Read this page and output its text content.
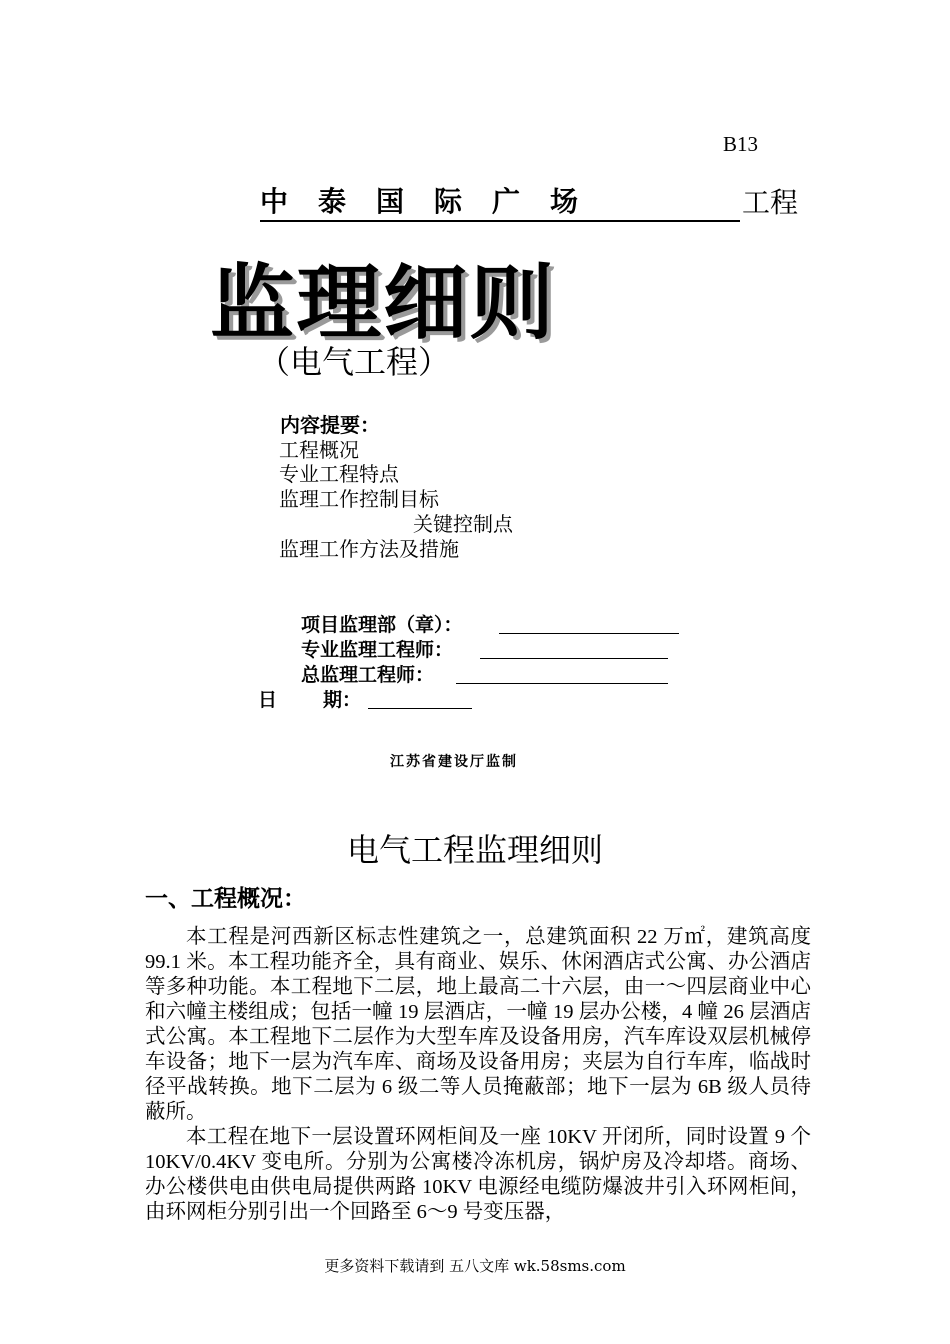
B13
中泰国际广场	工程
监理细则
（电气工程）
内容提要：
工程概况
专业工程特点
监理工作控制目标
关键控制点
监理工作方法及措施
项目监理部（章）：
专业监理工程师：
总监理工程师：
日 期：
江苏省建设厅监制
电气工程监理细则
一、工程概况：
本工程是河西新区标志性建筑之一，总建筑面积 22 万㎡，建筑高度 99.1 米。本工程功能齐全，具有商业、娱乐、休闲酒店式公寓、办公酒店等多种功能。本工程地下二层，地上最高二十六层，由一～四层商业中心和六幢主楼组成；包括一幢 19 层酒店，一幢 19 层办公楼，4 幢 26 层酒店式公寓。本工程地下二层作为大型车库及设备用房，汽车库设双层机械停车设备；地下一层为汽车库、商场及设备用房；夹层为自行车库，临战时径平战转换。地下二层为 6 级二等人员掩蔽部；地下一层为 6B 级人员待蔽所。
本工程在地下一层设置环网柜间及一座 10KV 开闭所，同时设置 9 个 10KV/0.4KV 变电所。分别为公寓楼冷冻机房，锅炉房及冷却塔。商场、办公楼供电由供电局提供两路 10KV 电源经电缆防爆波井引入环网柜间，由环网柜分别引出一个回路至 6～9 号变压器，
更多资料下载请到 五八文库 wk.58sms.com
